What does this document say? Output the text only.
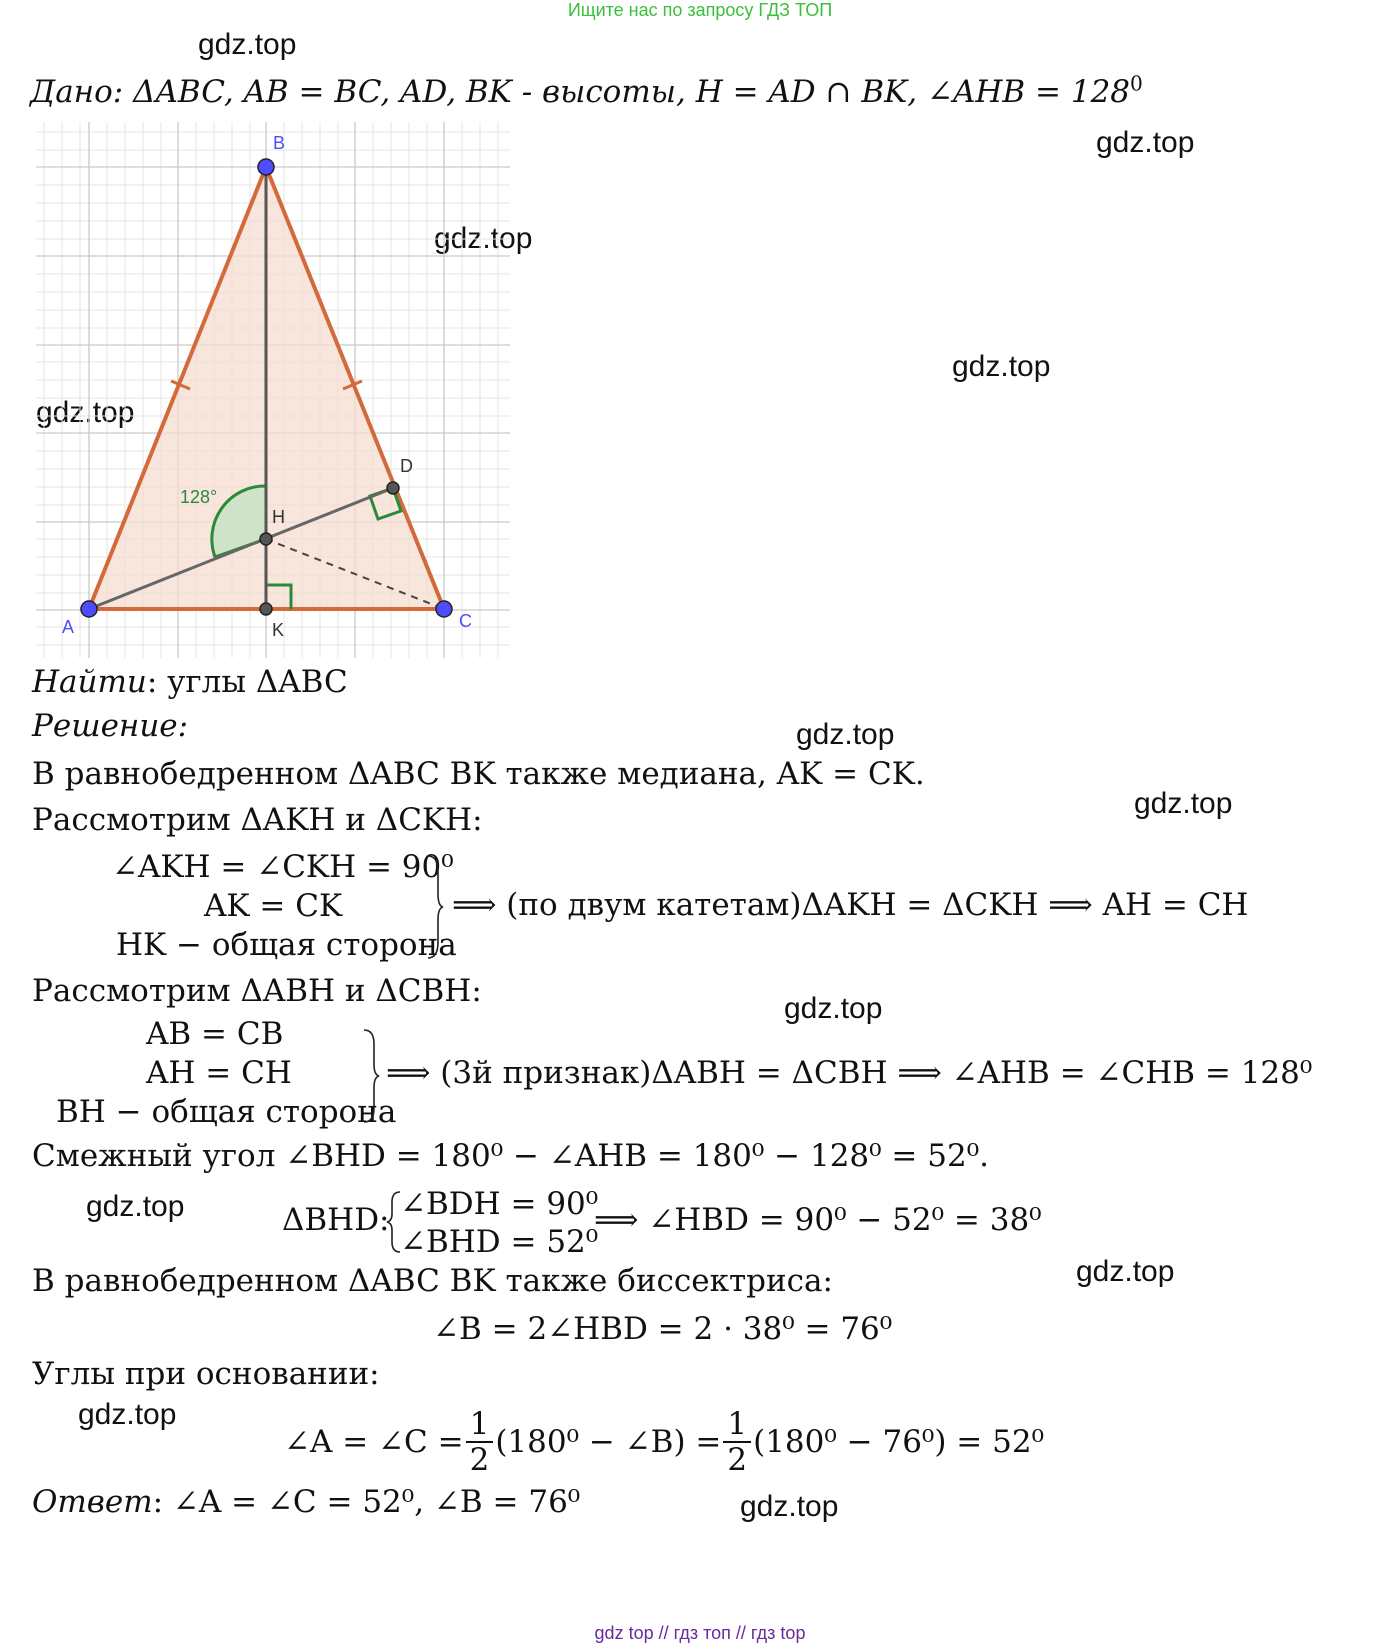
Ищите нас по запросу ГДЗ ТОП
gdz.top
gdz.top
gdz.top
gdz.top
gdz.top
gdz.top
gdz.top
gdz.top
gdz.top
gdz.top
gdz.top
gdz.top
Дано: ΔABC, AB = BC, AD, BK - высоты, H = AD ∩ BK, ∠AHB = $128^0$
B
A	C
D
H
K
128°
Найти: углы ΔABC
Решение:
В равнобедренном ΔABC BK также медиана, AK = CK.
Рассмотрим ΔAKH и ΔCKH:
∠AKH = ∠CKH = 90⁰
AK = CK
HK − общая сторона
⟹ (по двум катетам)ΔAKH = ΔCKH ⟹ AH = CH
Рассмотрим ΔABH и ΔCBH:
AB = CB
AH = CH
BH − общая сторона
⟹ (3й признак)ΔABH = ΔCBH ⟹ ∠AHB = ∠CHB = 128⁰
Смежный угол ∠BHD = 180⁰ − ∠AHB = 180⁰ − 128⁰ = 52⁰.
ΔBHD: ∠BDH = 90⁰
∠BHD = 52⁰
⟹ ∠HBD = 90⁰ − 52⁰ = 38⁰
В равнобедренном ΔABC BK также биссектриса:
∠B = 2∠HBD = 2 · 38⁰ = 76⁰
Углы при основании:
∠A = ∠C = $\frac{1}{2} (180^0$ − ∠B) = $\frac{1}{2} (180^0 - 76^0) = 52^0$
Ответ: ∠A = ∠C = 52⁰, ∠B = 76⁰
gdz top // гдз топ // гдз top
